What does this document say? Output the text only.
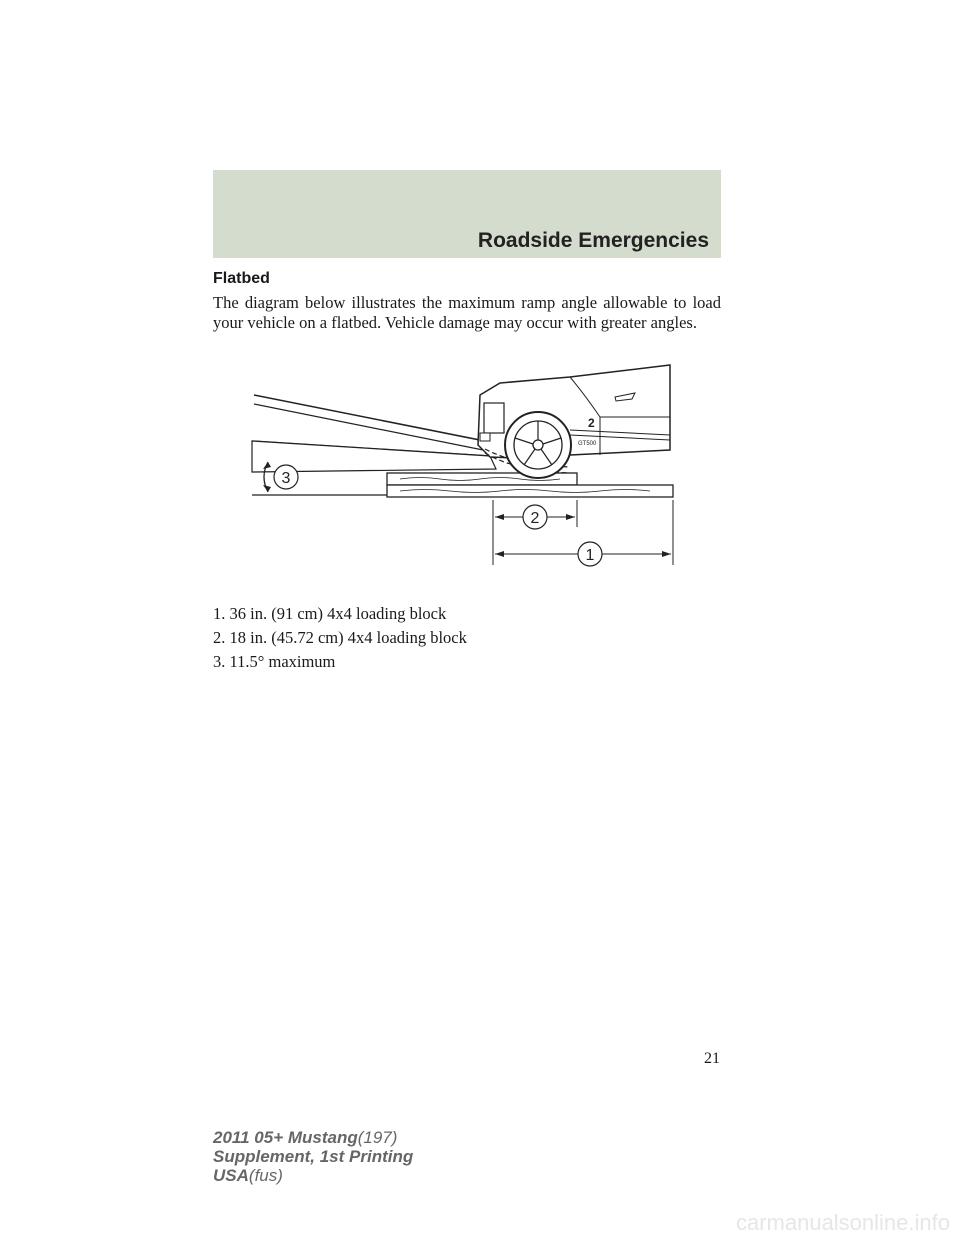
Roadside Emergencies
Flatbed
The diagram below illustrates the maximum ramp angle allowable to load your vehicle on a flatbed. Vehicle damage may occur with greater angles.
2
GT500
3
2
1
1. 36 in. (91 cm) 4x4 loading block
2. 18 in. (45.72 cm) 4x4 loading block
3. 11.5° maximum
21
2011 05+ Mustang(197)
Supplement, 1st Printing
USA(fus)
carmanualsonline.info
